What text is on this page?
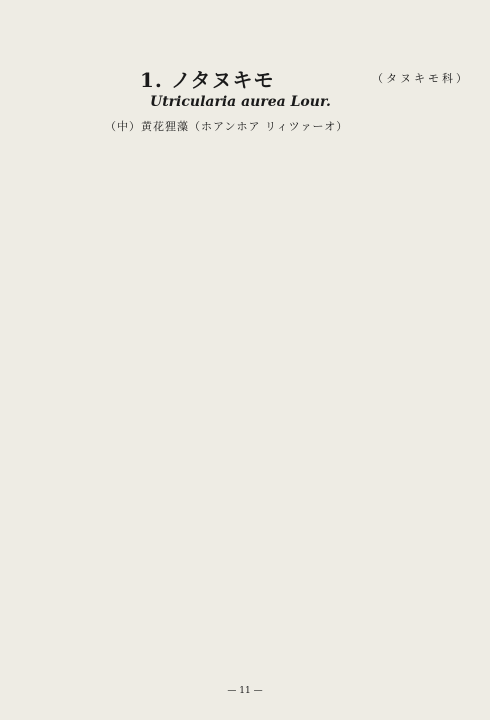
1. ノタヌキモ	（タヌキモ科）
Utricularia aurea Lour.
（中）黄花狸藻（ホアンホア リィツァーオ）

— 11 —
